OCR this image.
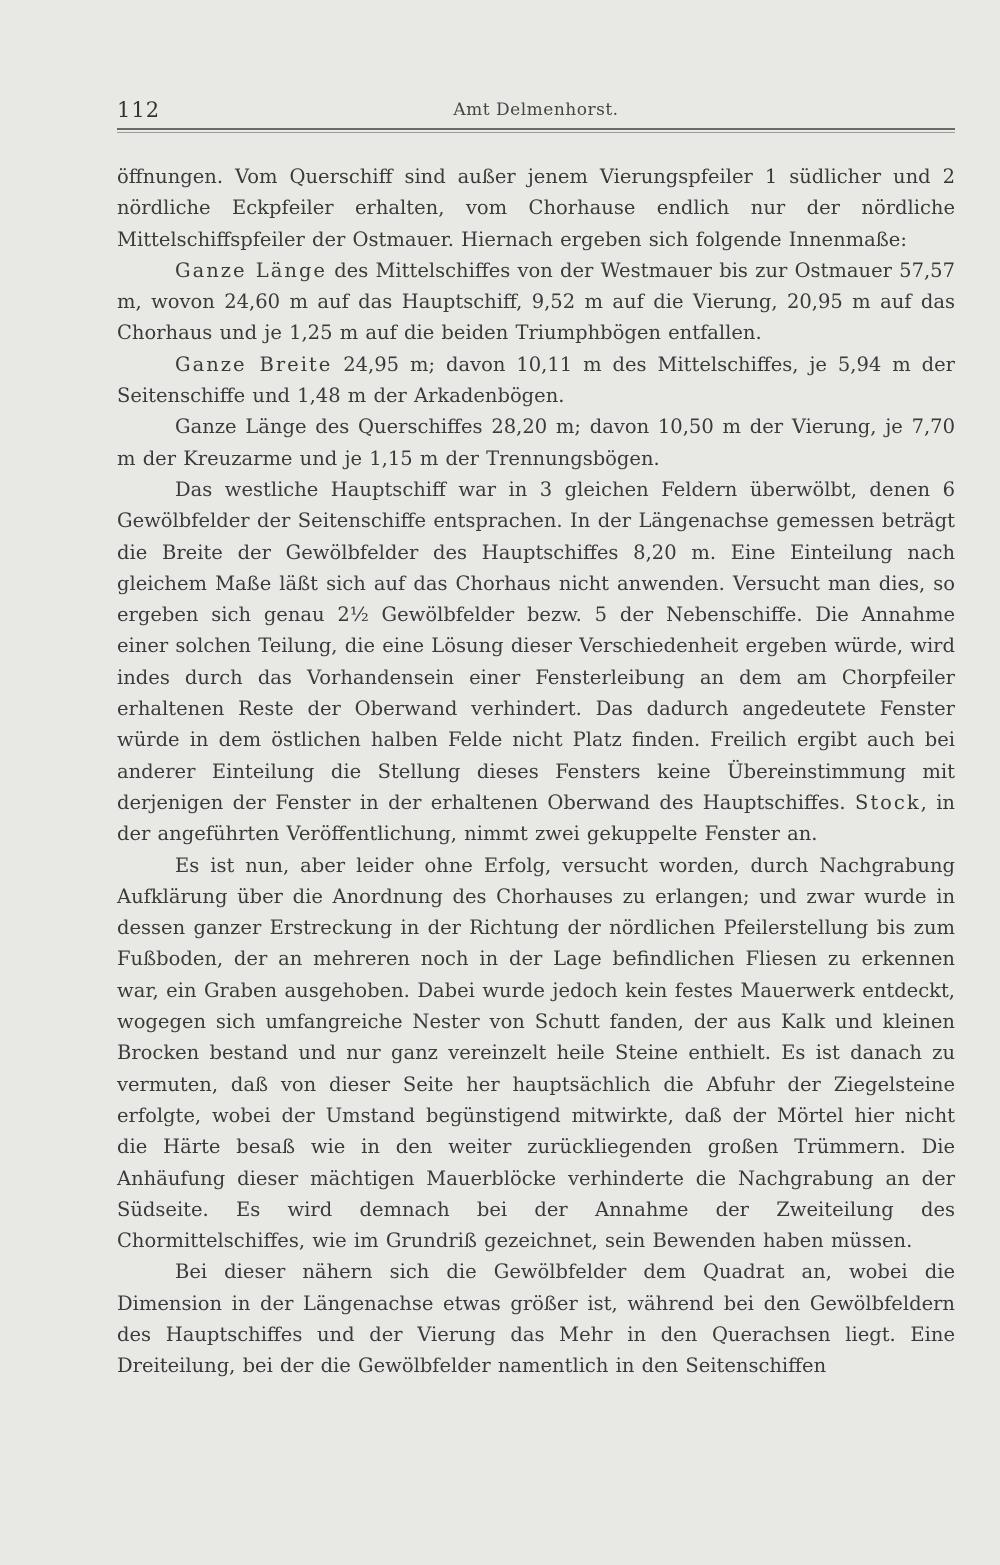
112	Amt Delmenhorst.

öffnungen. Vom Querschiff sind außer jenem Vierungspfeiler 1 südlicher und 2 nördliche Eckpfeiler erhalten, vom Chorhause endlich nur der nördliche Mittelschiffspfeiler der Ostmauer. Hiernach ergeben sich folgende Innenmaße:

Ganze Länge des Mittelschiffes von der Westmauer bis zur Ostmauer 57,57 m, wovon 24,60 m auf das Hauptschiff, 9,52 m auf die Vierung, 20,95 m auf das Chorhaus und je 1,25 m auf die beiden Triumphbögen entfallen.

Ganze Breite 24,95 m; davon 10,11 m des Mittelschiffes, je 5,94 m der Seitenschiffe und 1,48 m der Arkadenbögen.

Ganze Länge des Querschiffes 28,20 m; davon 10,50 m der Vierung, je 7,70 m der Kreuzarme und je 1,15 m der Trennungsbögen.

Das westliche Hauptschiff war in 3 gleichen Feldern überwölbt, denen 6 Gewölbfelder der Seitenschiffe entsprachen. In der Längenachse gemessen beträgt die Breite der Gewölbfelder des Hauptschiffes 8,20 m. Eine Einteilung nach gleichem Maße läßt sich auf das Chorhaus nicht anwenden. Versucht man dies, so ergeben sich genau 2½ Gewölbfelder bezw. 5 der Nebenschiffe. Die Annahme einer solchen Teilung, die eine Lösung dieser Verschiedenheit ergeben würde, wird indes durch das Vorhandensein einer Fensterleibung an dem am Chorpfeiler erhaltenen Reste der Oberwand verhindert. Das dadurch angedeutete Fenster würde in dem östlichen halben Felde nicht Platz finden. Freilich ergibt auch bei anderer Einteilung die Stellung dieses Fensters keine Übereinstimmung mit derjenigen der Fenster in der erhaltenen Oberwand des Hauptschiffes. Stock, in der angeführten Veröffentlichung, nimmt zwei gekuppelte Fenster an.

Es ist nun, aber leider ohne Erfolg, versucht worden, durch Nachgrabung Aufklärung über die Anordnung des Chorhauses zu erlangen; und zwar wurde in dessen ganzer Erstreckung in der Richtung der nördlichen Pfeilerstellung bis zum Fußboden, der an mehreren noch in der Lage befindlichen Fliesen zu erkennen war, ein Graben ausgehoben. Dabei wurde jedoch kein festes Mauerwerk entdeckt, wogegen sich umfangreiche Nester von Schutt fanden, der aus Kalk und kleinen Brocken bestand und nur ganz vereinzelt heile Steine enthielt. Es ist danach zu vermuten, daß von dieser Seite her hauptsächlich die Abfuhr der Ziegelsteine erfolgte, wobei der Umstand begünstigend mitwirkte, daß der Mörtel hier nicht die Härte besaß wie in den weiter zurückliegenden großen Trümmern. Die Anhäufung dieser mächtigen Mauerblöcke verhinderte die Nachgrabung an der Südseite. Es wird demnach bei der Annahme der Zweiteilung des Chormittelschiffes, wie im Grundriß gezeichnet, sein Bewenden haben müssen.

Bei dieser nähern sich die Gewölbfelder dem Quadrat an, wobei die Dimension in der Längenachse etwas größer ist, während bei den Gewölbfeldern des Hauptschiffes und der Vierung das Mehr in den Querachsen liegt. Eine Dreiteilung, bei der die Gewölbfelder namentlich in den Seitenschiffen
